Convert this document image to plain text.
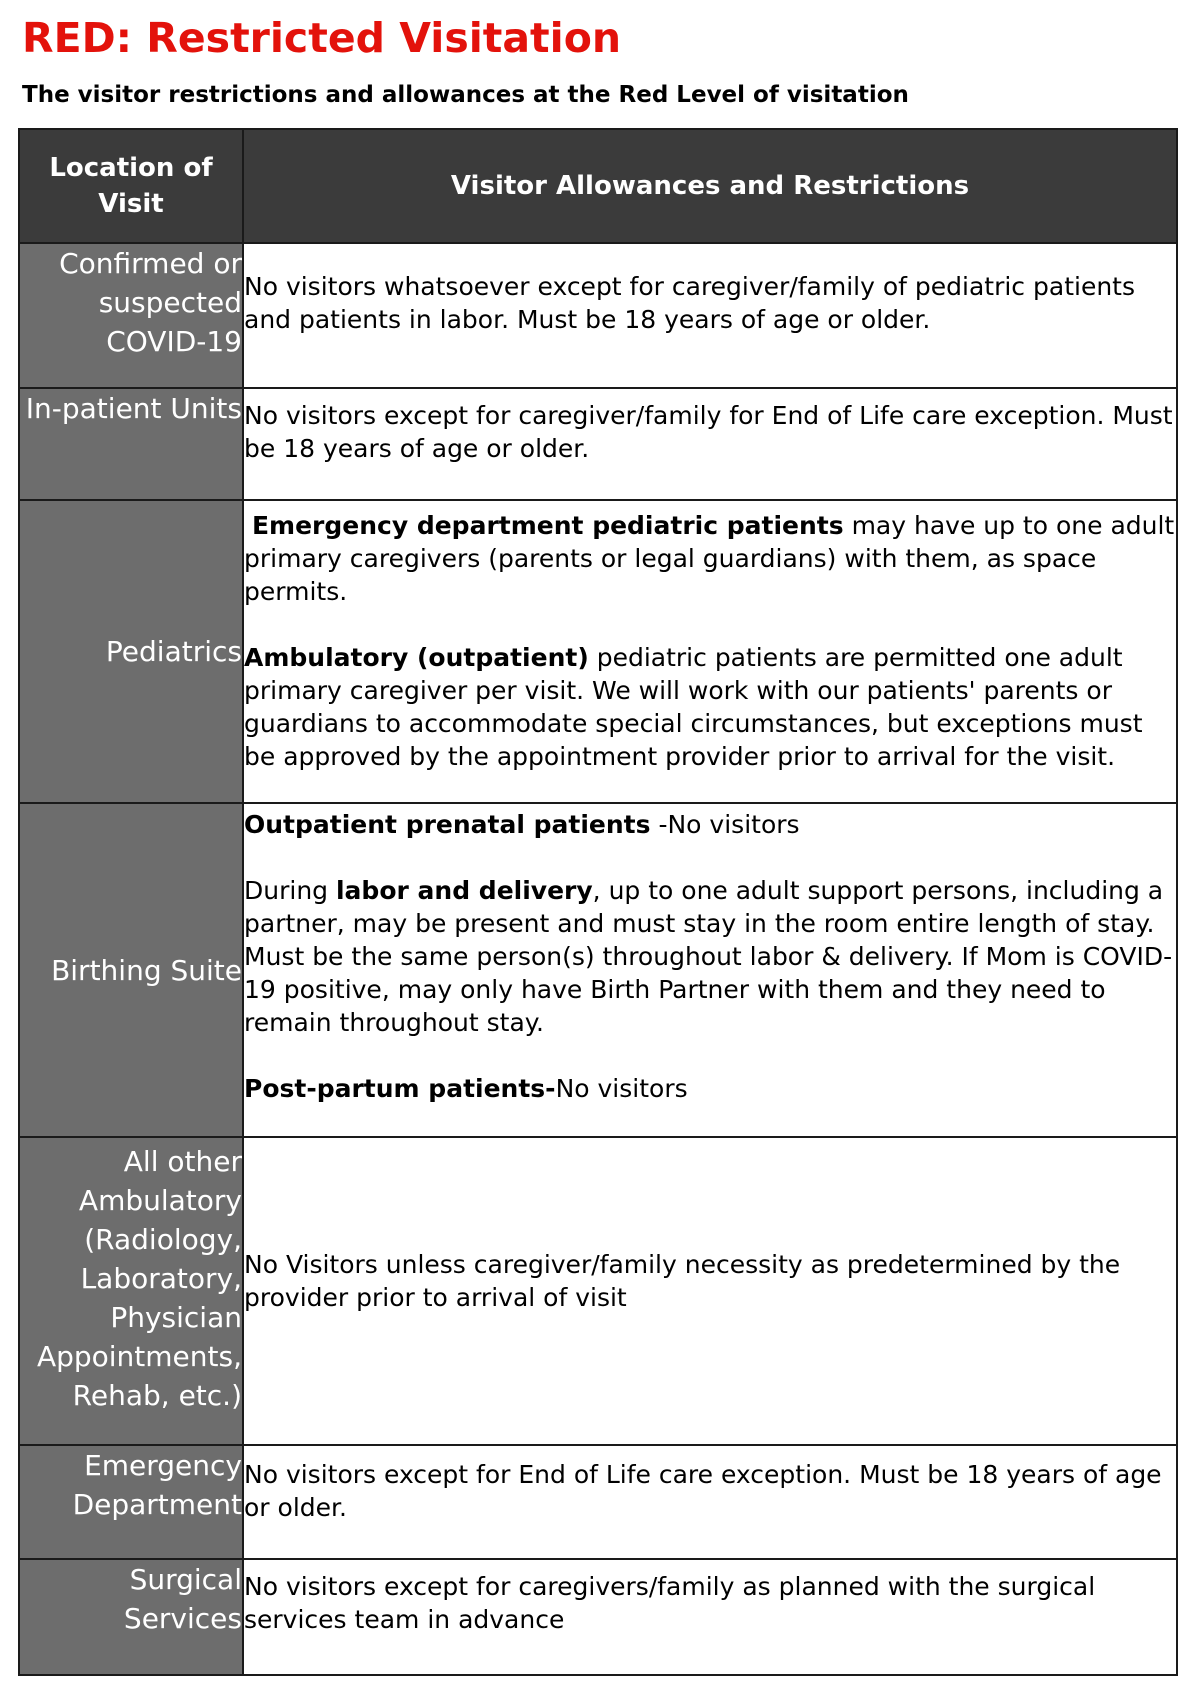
RED: Restricted Visitation

The visitor restrictions and allowances at the Red Level of visitation

Location of Visit	Visitor Allowances and Restrictions
Confirmed or suspected COVID-19	No visitors whatsoever except for caregiver/family of pediatric patients and patients in labor. Must be 18 years of age or older.

In-patient Units	No visitors except for caregiver/family for End of Life care exception. Must be 18 years of age or older.

Pediatrics	Emergency department pediatric patients may have up to one adult primary caregivers (parents or legal guardians) with them, as space permits.

Ambulatory (outpatient) pediatric patients are permitted one adult primary caregiver per visit. We will work with our patients' parents or guardians to accommodate special circumstances, but exceptions must be approved by the appointment provider prior to arrival for the visit.

Birthing Suite	Outpatient prenatal patients -No visitors

During labor and delivery, up to one adult support persons, including a partner, may be present and must stay in the room entire length of stay. Must be the same person(s) throughout labor & delivery. If Mom is COVID-19 positive, may only have Birth Partner with them and they need to remain throughout stay.

Post-partum patients-No visitors

All other Ambulatory (Radiology, Laboratory, Physician Appointments, Rehab, etc.)	No Visitors unless caregiver/family necessity as predetermined by the provider prior to arrival of visit

Emergency Department	No visitors except for End of Life care exception. Must be 18 years of age or older.

Surgical Services	No visitors except for caregivers/family as planned with the surgical services team in advance
